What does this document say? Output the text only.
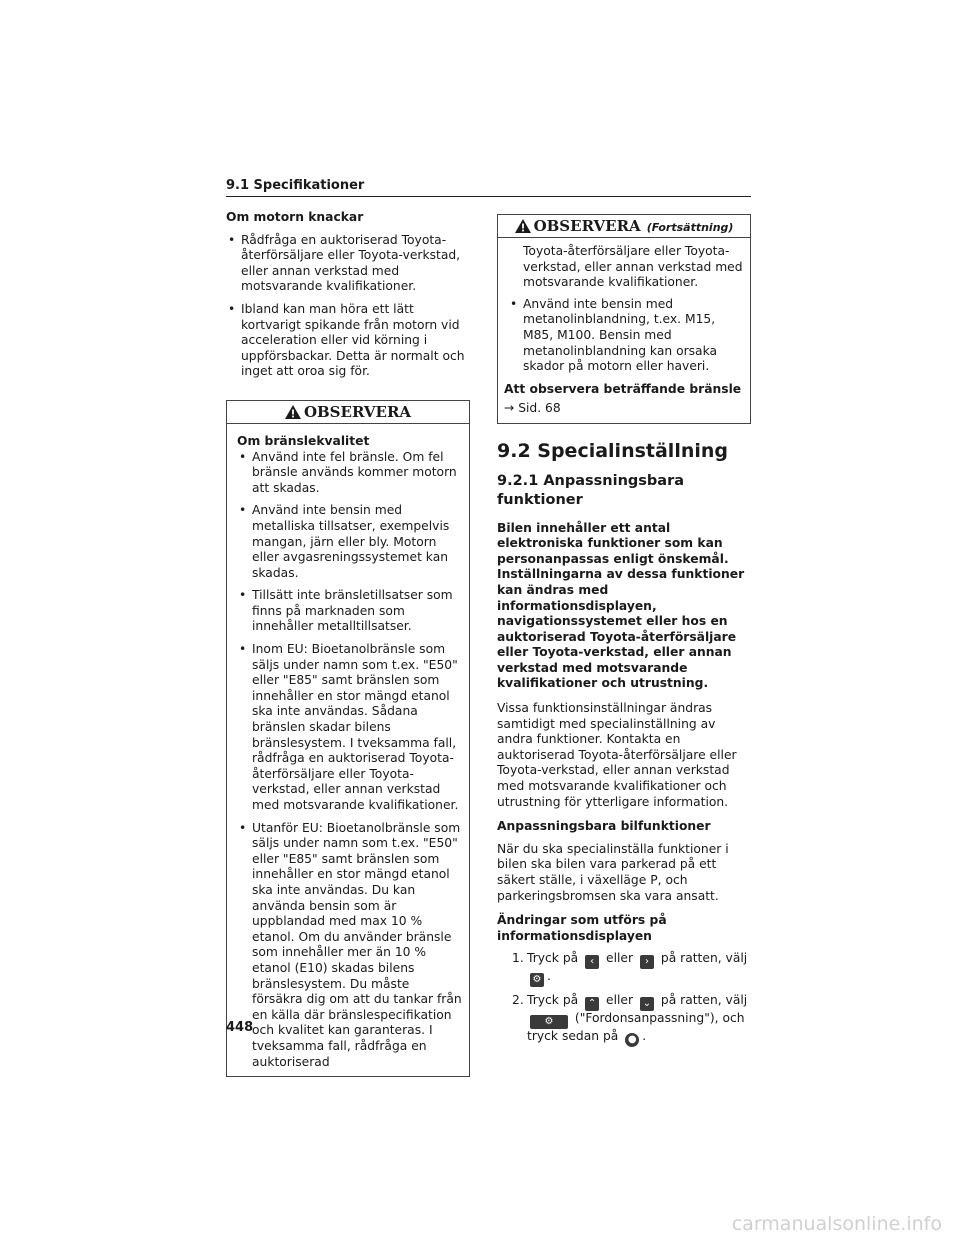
9.1 Specifikationer
Om motorn knackar
• Rådfråga en auktoriserad Toyota-återförsäljare eller Toyota-verkstad, eller annan verkstad med motsvarande kvalifikationer.
• Ibland kan man höra ett lätt kortvarigt spikande från motorn vid acceleration eller vid körning i uppförsbackar. Detta är normalt och inget att oroa sig för.
OBSERVERA
Om bränslekvalitet
• Använd inte fel bränsle. Om fel bränsle används kommer motorn att skadas.
• Använd inte bensin med metalliska tillsatser, exempelvis mangan, järn eller bly. Motorn eller avgasreningssystemet kan skadas.
• Tillsätt inte bränsletillsatser som finns på marknaden som innehåller metalltillsatser.
• Inom EU: Bioetanolbränsle som säljs under namn som t.ex. "E50" eller "E85" samt bränslen som innehåller en stor mängd etanol ska inte användas. Sådana bränslen skadar bilens bränslesystem. I tveksamma fall, rådfråga en auktoriserad Toyota-återförsäljare eller Toyota-verkstad, eller annan verkstad med motsvarande kvalifikationer.
• Utanför EU: Bioetanolbränsle som säljs under namn som t.ex. "E50" eller "E85" samt bränslen som innehåller en stor mängd etanol ska inte användas. Du kan använda bensin som är uppblandad med max 10 % etanol. Om du använder bränsle som innehåller mer än 10 % etanol (E10) skadas bilens bränslesystem. Du måste försäkra dig om att du tankar från en källa där bränslespecifikation och kvalitet kan garanteras. I tveksamma fall, rådfråga en auktoriserad
OBSERVERA (Fortsättning)
Toyota-återförsäljare eller Toyota-verkstad, eller annan verkstad med motsvarande kvalifikationer.
• Använd inte bensin med metanolinblandning, t.ex. M15, M85, M100. Bensin med metanolinblandning kan orsaka skador på motorn eller haveri.
Att observera beträffande bränsle
→ Sid. 68
9.2 Specialinställning
9.2.1 Anpassningsbara funktioner
Bilen innehåller ett antal elektroniska funktioner som kan personanpassas enligt önskemål. Inställningarna av dessa funktioner kan ändras med informationsdisplayen, navigationssystemet eller hos en auktoriserad Toyota-återförsäljare eller Toyota-verkstad, eller annan verkstad med motsvarande kvalifikationer och utrustning.

Vissa funktionsinställningar ändras samtidigt med specialinställning av andra funktioner. Kontakta en auktoriserad Toyota-återförsäljare eller Toyota-verkstad, eller annan verkstad med motsvarande kvalifikationer och utrustning för ytterligare information.

Anpassningsbara bilfunktioner

När du ska specialinställa funktioner i bilen ska bilen vara parkerad på ett säkert ställe, i växelläge P, och parkeringsbromsen ska vara ansatt.

Ändringar som utförs på informationsdisplayen
1. Tryck på ‹ eller › på ratten, välj ⚙ .
2. Tryck på ⌃ eller ⌄ på ratten, välj ⚙ ("Fordonsanpassning"), och tryck sedan på ● .
448
carmanualsonline.info
